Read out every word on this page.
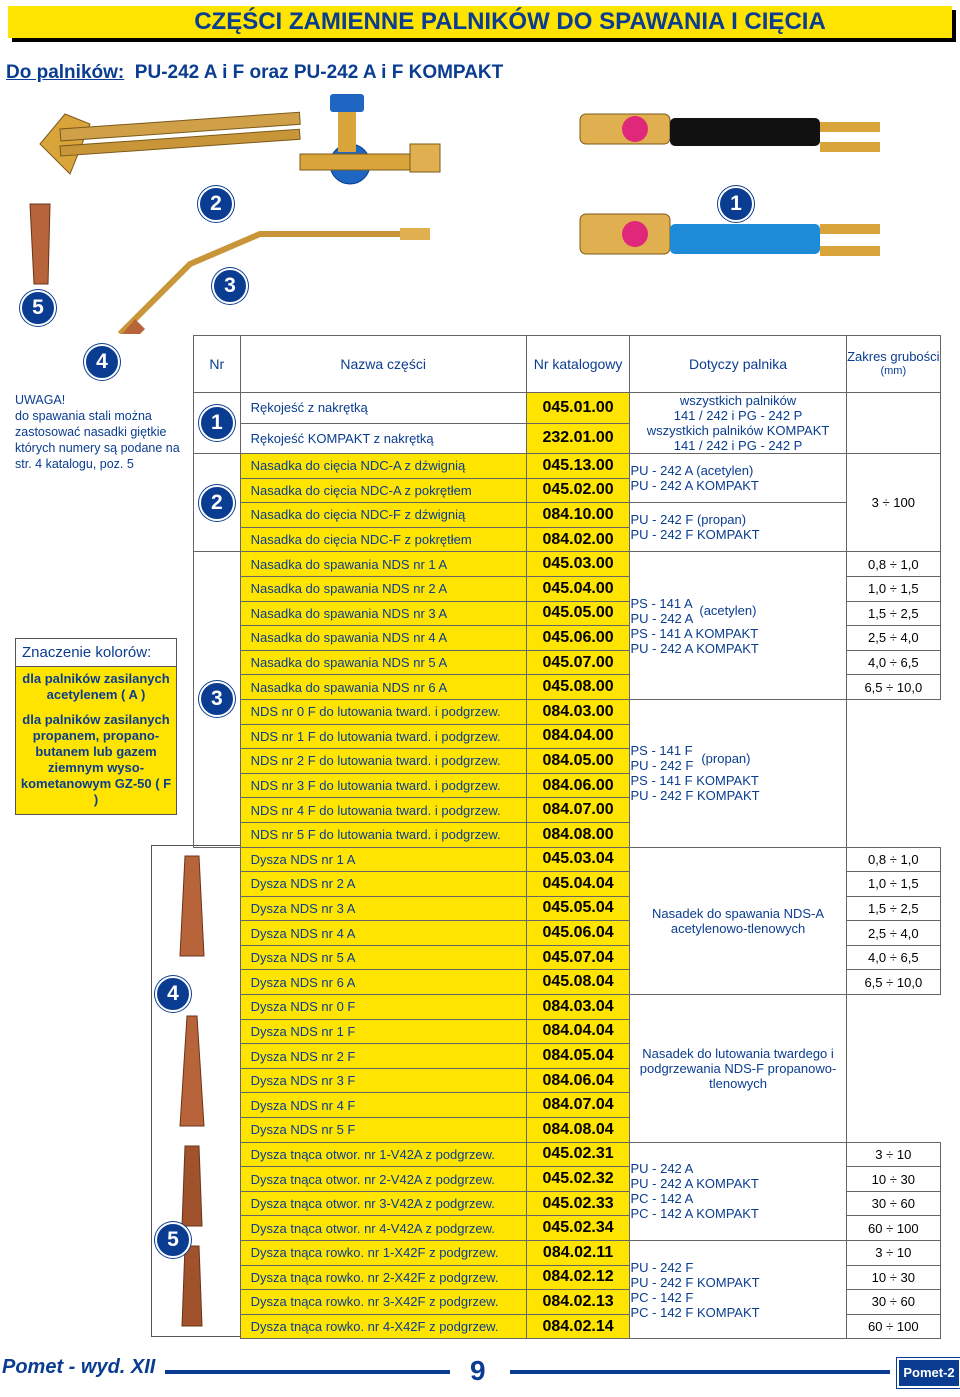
CZĘŚCI ZAMIENNE PALNIKÓW DO SPAWANIA I CIĘCIA
Do palników: PU-242 A i F oraz PU-242 A i F KOMPAKT
2	1
3
5
4
UWAGA!
do spawania stali można zastosować nasadki giętkie których numery są podane na str. 4 katalogu, poz. 5
Znaczenie kolorów:
dla palników zasilanych acetylenem ( A )
dla palników zasilanych propanem, propano-butanem lub gazem ziemnym wyso-kometanowym GZ-50 ( F )
4
5
Nr	Nazwa części	Nr katalogowy	Dotyczy palnika	Zakres grubości
(mm)

1	Rękojeść z nakrętką	045.01.00	wszystkich palników
141 / 242 i PG - 242 P
wszystkich palników KOMPAKT
141 / 242 i PG - 242 P	

	Rękojeść KOMPAKT z nakrętką	232.01.00		
2	Nasadka do cięcia NDC-A z dźwignią	045.13.00	PU - 242 A (acetylen)
PU - 242 A KOMPAKT	3 ÷ 100
	Nasadka do cięcia NDC-A z pokrętłem	045.02.00		
	Nasadka do cięcia NDC-F z dźwignią	084.10.00	PU - 242 F (propan)
PU - 242 F KOMPAKT	

	Nasadka do cięcia NDC-F z pokrętłem	084.02.00		
3	Nasadka do spawania NDS nr 1 A	045.03.00	PS - 141 A
PU - 242 A (acetylen)
PS - 141 A KOMPAKT
PU - 242 A KOMPAKT	0,8 ÷ 1,0
	Nasadka do spawania NDS nr 2 A	045.04.00		1,0 ÷ 1,5
	Nasadka do spawania NDS nr 3 A	045.05.00		1,5 ÷ 2,5
	Nasadka do spawania NDS nr 4 A	045.06.00		2,5 ÷ 4,0
	Nasadka do spawania NDS nr 5 A	045.07.00		4,0 ÷ 6,5
	Nasadka do spawania NDS nr 6 A	045.08.00		6,5 ÷ 10,0
	NDS nr 0 F do lutowania tward. i podgrzew.	084.03.00	PS - 141 F
PU - 242 F (propan)
PS - 141 F KOMPAKT
PU - 242 F KOMPAKT	

	NDS nr 1 F do lutowania tward. i podgrzew.	084.04.00		
	NDS nr 2 F do lutowania tward. i podgrzew.	084.05.00		
	NDS nr 3 F do lutowania tward. i podgrzew.	084.06.00		
	NDS nr 4 F do lutowania tward. i podgrzew.	084.07.00		
	NDS nr 5 F do lutowania tward. i podgrzew.	084.08.00		
	Dysza NDS nr 1 A	045.03.04	Nasadek do spawania NDS-A acetylenowo-tlenowych	0,8 ÷ 1,0
	Dysza NDS nr 2 A	045.04.04		1,0 ÷ 1,5
	Dysza NDS nr 3 A	045.05.04		1,5 ÷ 2,5
	Dysza NDS nr 4 A	045.06.04		2,5 ÷ 4,0
	Dysza NDS nr 5 A	045.07.04		4,0 ÷ 6,5
	Dysza NDS nr 6 A	045.08.04		6,5 ÷ 10,0
	Dysza NDS nr 0 F	084.03.04	Nasadek do lutowania twardego i podgrzewania NDS-F propanowo-tlenowych	
	Dysza NDS nr 1 F	084.04.04		
	Dysza NDS nr 2 F	084.05.04		
	Dysza NDS nr 3 F	084.06.04		
	Dysza NDS nr 4 F	084.07.04		
	Dysza NDS nr 5 F	084.08.04		
	Dysza tnąca otwor. nr 1-V42A z podgrzew.	045.02.31	PU - 242 A
PU - 242 A KOMPAKT
PC - 142 A
PC - 142 A KOMPAKT	3 ÷ 10
	Dysza tnąca otwor. nr 2-V42A z podgrzew.	045.02.32		10 ÷ 30
	Dysza tnąca otwor. nr 3-V42A z podgrzew.	045.02.33		30 ÷ 60
	Dysza tnąca otwor. nr 4-V42A z podgrzew.	045.02.34		60 ÷ 100
	Dysza tnąca rowko. nr 1-X42F z podgrzew.	084.02.11	PU - 242 F
PU - 242 F KOMPAKT
PC - 142 F
PC - 142 F KOMPAKT	3 ÷ 10
	Dysza tnąca rowko. nr 2-X42F z podgrzew.	084.02.12		10 ÷ 30
	Dysza tnąca rowko. nr 3-X42F z podgrzew.	084.02.13		30 ÷ 60
	Dysza tnąca rowko. nr 4-X42F z podgrzew.	084.02.14		60 ÷ 100
Pomet - wyd. XII	9	Pomet-2
